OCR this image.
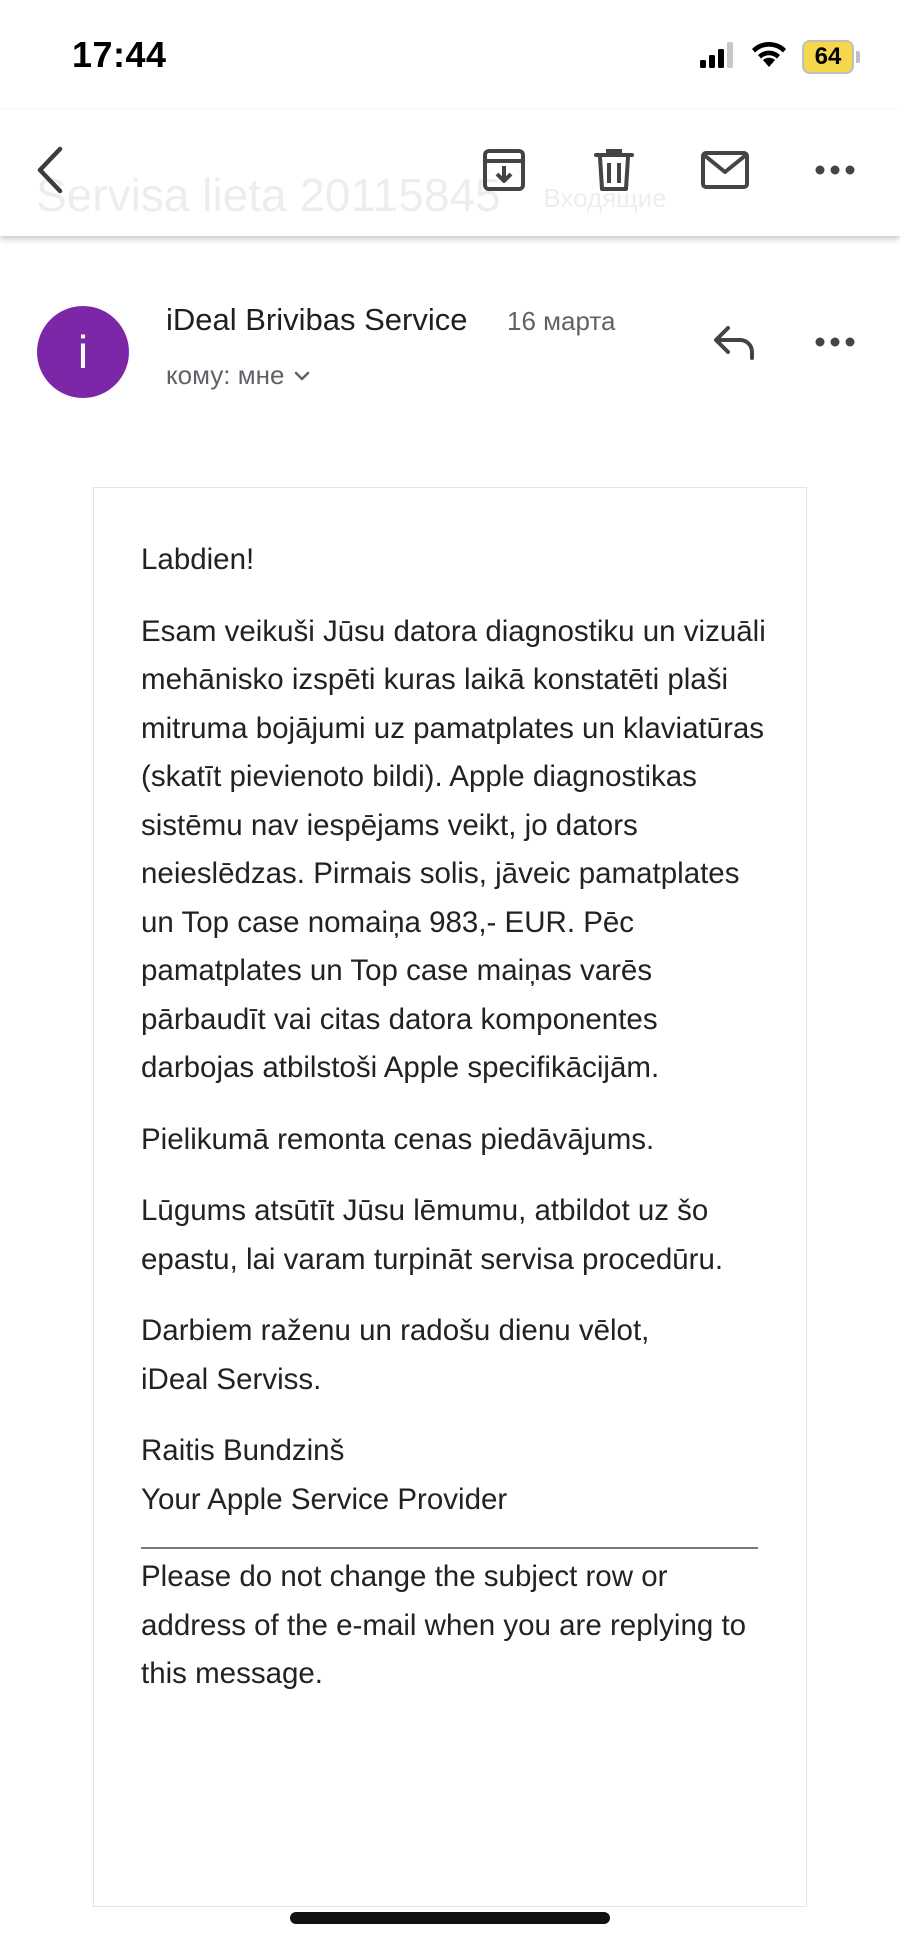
17:44	64
Servisa lieta 20115845 Входящие
i
iDeal Brivibas Service 16 марта
кому: мне

Labdien!

Esam veikuši Jūsu datora diagnostiku un vizuāli mehānisko izspēti kuras laikā konstatēti plaši mitruma bojājumi uz pamatplates un klaviatūras (skatīt pievienoto bildi). Apple diagnostikas sistēmu nav iespējams veikt, jo dators neieslēdzas. Pirmais solis, jāveic pamatplates un Top case nomaiņa 983,- EUR. Pēc pamatplates un Top case maiņas varēs pārbaudīt vai citas datora komponentes darbojas atbilstoši Apple specifikācijām.

Pielikumā remonta cenas piedāvājums.

Lūgums atsūtīt Jūsu lēmumu, atbildot uz šo epastu, lai varam turpināt servisa procedūru.

Darbiem raženu un radošu dienu vēlot,
iDeal Serviss.

Raitis Bundzinš
Your Apple Service Provider

Please do not change the subject row or address of the e-mail when you are replying to this message.
